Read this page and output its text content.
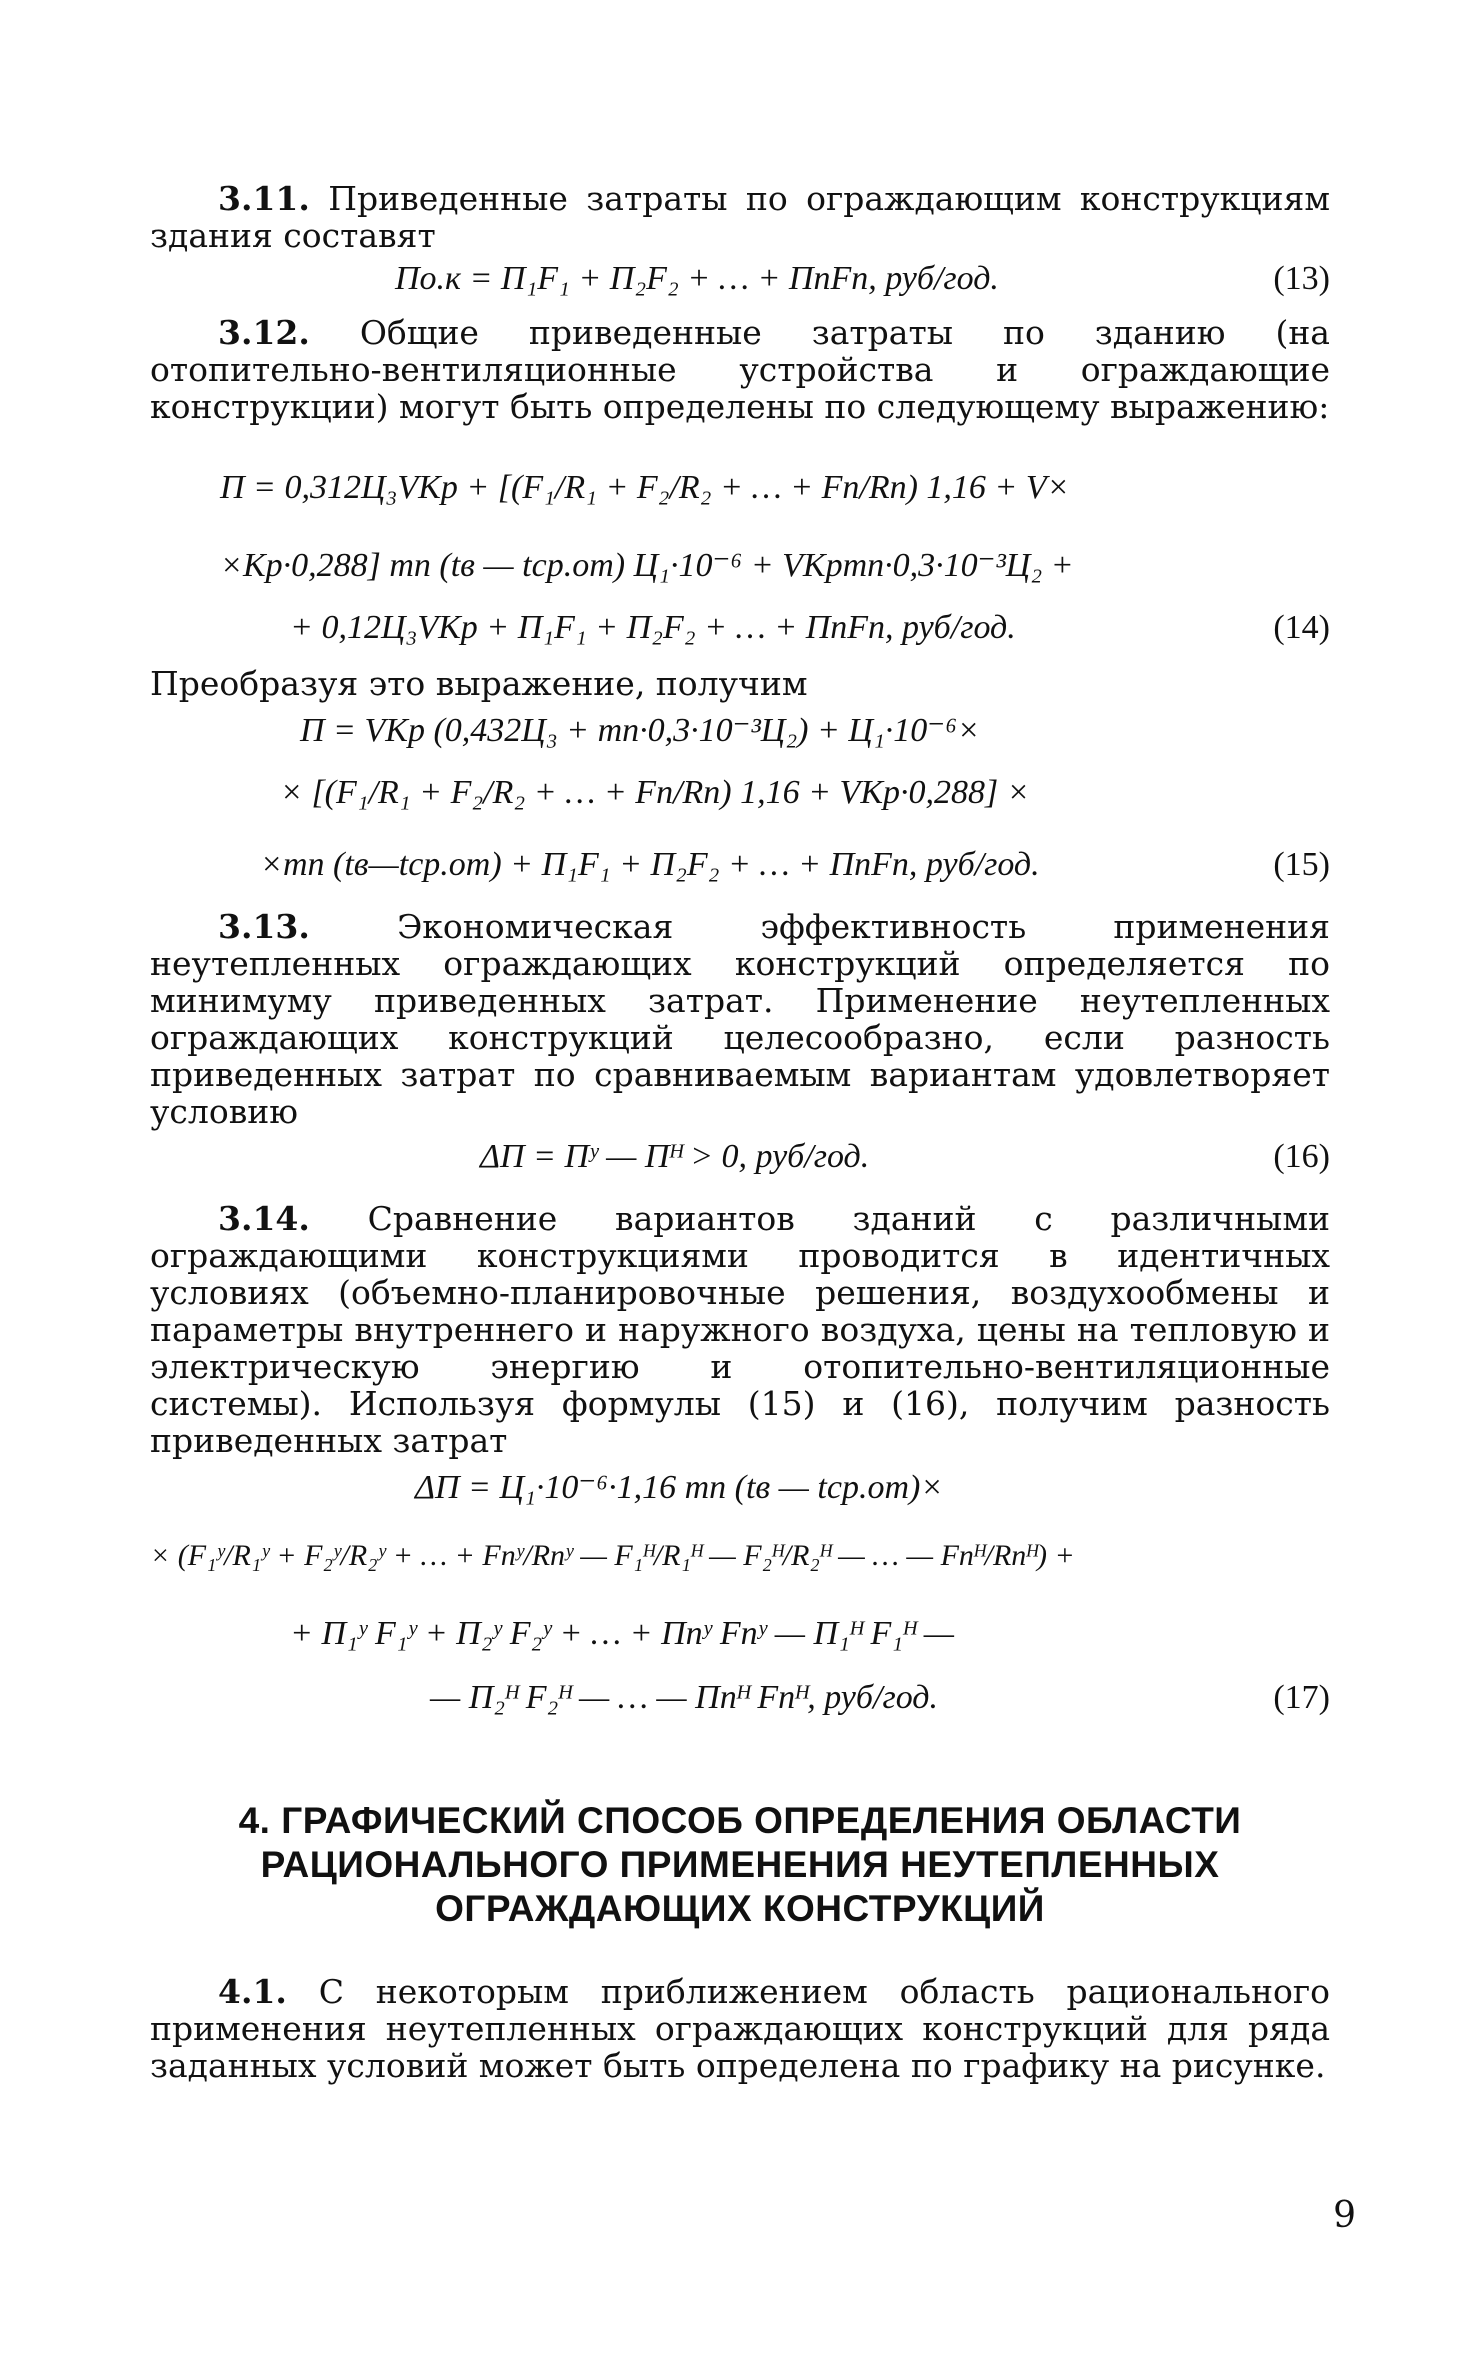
3.11. Приведенные затраты по ограждающим конструкциям здания составят

По.к = П₁F₁ + П₂F₂ + … + ПпFп, руб/год.	(13)

3.12. Общие приведенные затраты по зданию (на отопительно-вентиляционные устройства и ограждающие конструкции) могут быть определены по следующему выражению:

П = 0,312Ц₃VKр + [(F₁/R₁ + F₂/R₂ + … + Fn/Rn) 1,16 + V×
×Kр·0,288] mn (tв — tср.от) Ц₁·10⁻⁶ + VKрmn·0,3·10⁻³Ц₂ +
+ 0,12Ц₃VKр + П₁F₁ + П₂F₂ + … + ПnFn, руб/год.	(14)

Преобразуя это выражение, получим

П = VKр (0,432Ц₃ + mn·0,3·10⁻³Ц₂) + Ц₁·10⁻⁶×
× [(F₁/R₁ + F₂/R₂ + … + Fn/Rn) 1,16 + VKр·0,288] ×
×mn (tв—tср.от) + П₁F₁ + П₂F₂ + … + ПnFn, руб/год.	(15)

3.13. Экономическая эффективность применения неутепленных ограждающих конструкций определяется по минимуму приведенных затрат. Применение неутепленных ограждающих конструкций целесообразно, если разность приведенных затрат по сравниваемым вариантам удовлетворяет условию

ΔП = Пʸ — Пᴴ > 0, руб/год.	(16)

3.14. Сравнение вариантов зданий с различными ограждающими конструкциями проводится в идентичных условиях (объемно-планировочные решения, воздухообмены и параметры внутреннего и наружного воздуха, цены на тепловую и электрическую энергию и отопительно-вентиляционные системы). Используя формулы (15) и (16), получим разность приведенных затрат

ΔП = Ц₁·10⁻⁶·1,16 mn (tв — tср.от)×
× (F₁ʸ/R₁ʸ + F₂ʸ/R₂ʸ + … + Fnʸ/Rnʸ — F₁ᴴ/R₁ᴴ — F₂ᴴ/R₂ᴴ — … — Fnᴴ/Rnᴴ) +
+ П₁ʸ F₁ʸ + П₂ʸ F₂ʸ + … + Пnʸ Fnʸ — П₁ᴴ F₁ᴴ —
— П₂ᴴ F₂ᴴ — … — Пnᴴ Fnᴴ, руб/год.	(17)

4. ГРАФИЧЕСКИЙ СПОСОБ ОПРЕДЕЛЕНИЯ ОБЛАСТИ

РАЦИОНАЛЬНОГО ПРИМЕНЕНИЯ НЕУТЕПЛЕННЫХ

ОГРАЖДАЮЩИХ КОНСТРУКЦИЙ

4.1. С некоторым приближением область рационального применения неутепленных ограждающих конструкций для ряда заданных условий может быть определена по графику на рисунке.

9
